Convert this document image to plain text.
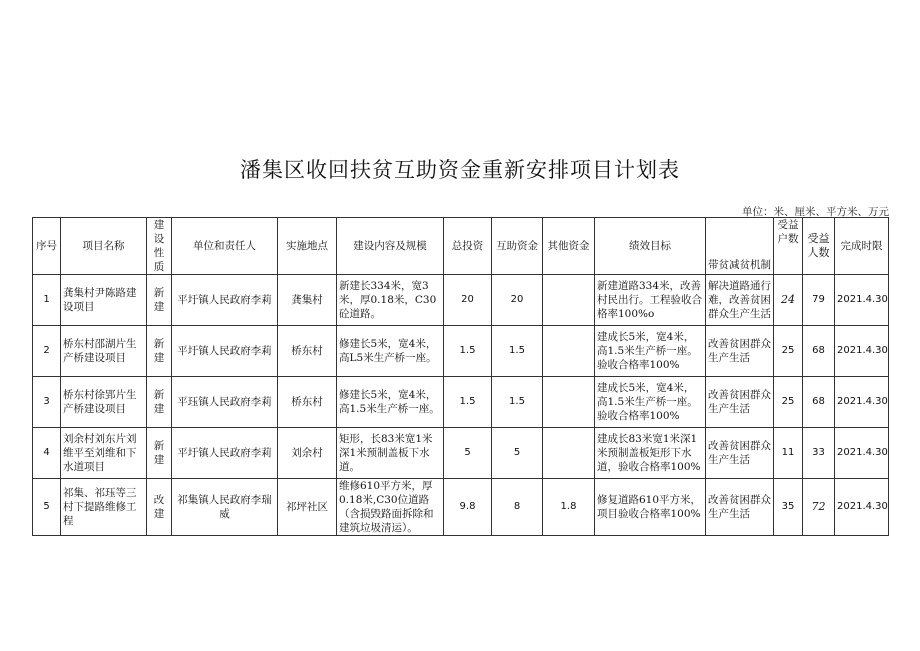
潘集区收回扶贫互助资金重新安排项目计划表
单位：米、厘米、平方米、万元
序号	项目名称	建设性质	单位和责任人	实施地点	建设内容及规模	总投资	互助资金	其他资金	绩效目标	带贫减贫机制	受益户数	受益人数	完成时限
1	龚集村尹陈路建设项目	新建	平圩镇人民政府李莉	龚集村	新建长334米，宽3米，厚0.18米，C30砼道路。	20	20		新建道路334米，改善村民出行。工程验收合格率100%o	解决道路通行难，改善贫困群众生产生活	24	79	2021.4.30
2	桥东村邵湖片生产桥建设项目	新建	平圩镇人民政府李莉	桥东村	修建长5米，宽4米，高L5米生产桥一座。	1.5	1.5		建成长5米，宽4米，高1.5米生产桥一座。验收合格率100%	改善贫困群众生产生活	25	68	2021.4.30
3	桥东村徐郢片生产桥建设项目	新建	平珏镇人民政府李莉	桥东村	修建长5米，宽4米，高1.5米生产桥一座。	1.5	1.5		建成长5米，宽4米，高1.5米生产桥一座。验收合格率100%	改善贫困群众生产生活	25	68	2021.4.30
4	刘余村刘东片刘维平至刘维和下水道项目	新建	平圩镇人民政府李莉	刘余村	矩形，长83米宽1米深1米预制盖板下水道。	5	5		建成长83米宽1米深1米预制盖板矩形下水道，验收合格率100%	改善贫困群众生产生活	11	33	2021.4.30
5	祁集、祁珏等三村下提路维修工程	改建	祁集镇人民政府李瑞威	祁坪社区	维修610平方米，厚0.18米,C30位道路（含损毁路面拆除和建筑垃圾清运）。	9.8	8	1.8	修复道路610平方米，项目验收合格率100%	改善贫困群众生产生活	35	72	2021.4.30
